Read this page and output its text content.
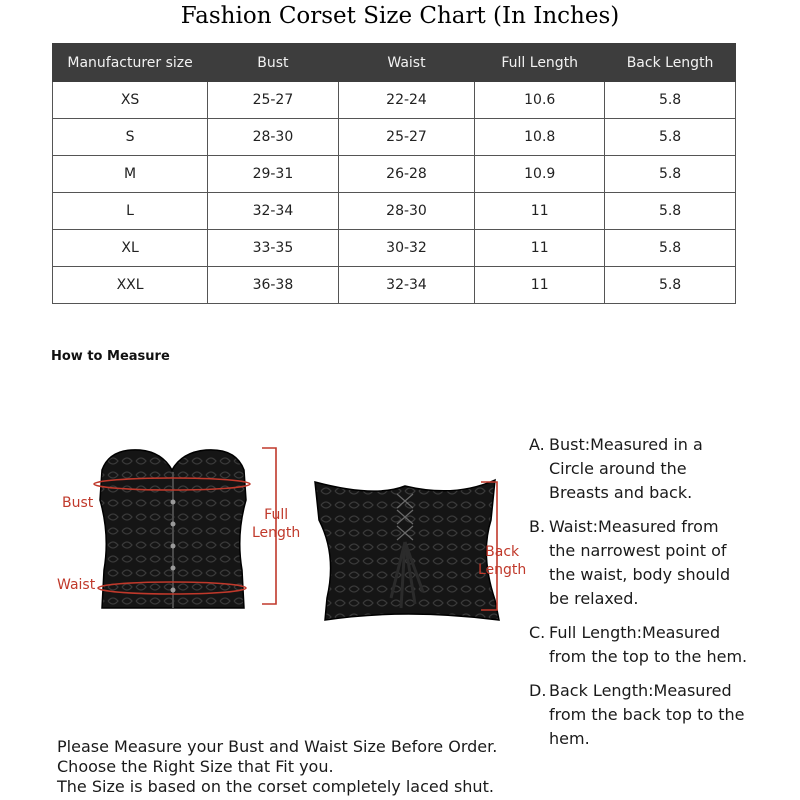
Fashion Corset Size Chart (In Inches)
Manufacturer size	Bust	Waist	Full Length	Back Length
XS	25-27	22-24	10.6	5.8
S	28-30	25-27	10.8	5.8
M	29-31	26-28	10.9	5.8
L	32-34	28-30	11	5.8
XL	33-35	30-32	11	5.8
XXL	36-38	32-34	11	5.8
How to Measure
Bust
Waist
Full
Length
Back
Length
A. Bust:Measured in a
Circle around the
Breasts and back.
B. Waist:Measured from
the narrowest point of
the waist, body should
be relaxed.
C. Full Length:Measured
from the top to the hem.
D. Back Length:Measured
from the back top to the
hem.
Please Measure your Bust and Waist Size Before Order.
Choose the Right Size that Fit you.
The Size is based on the corset completely laced shut.
